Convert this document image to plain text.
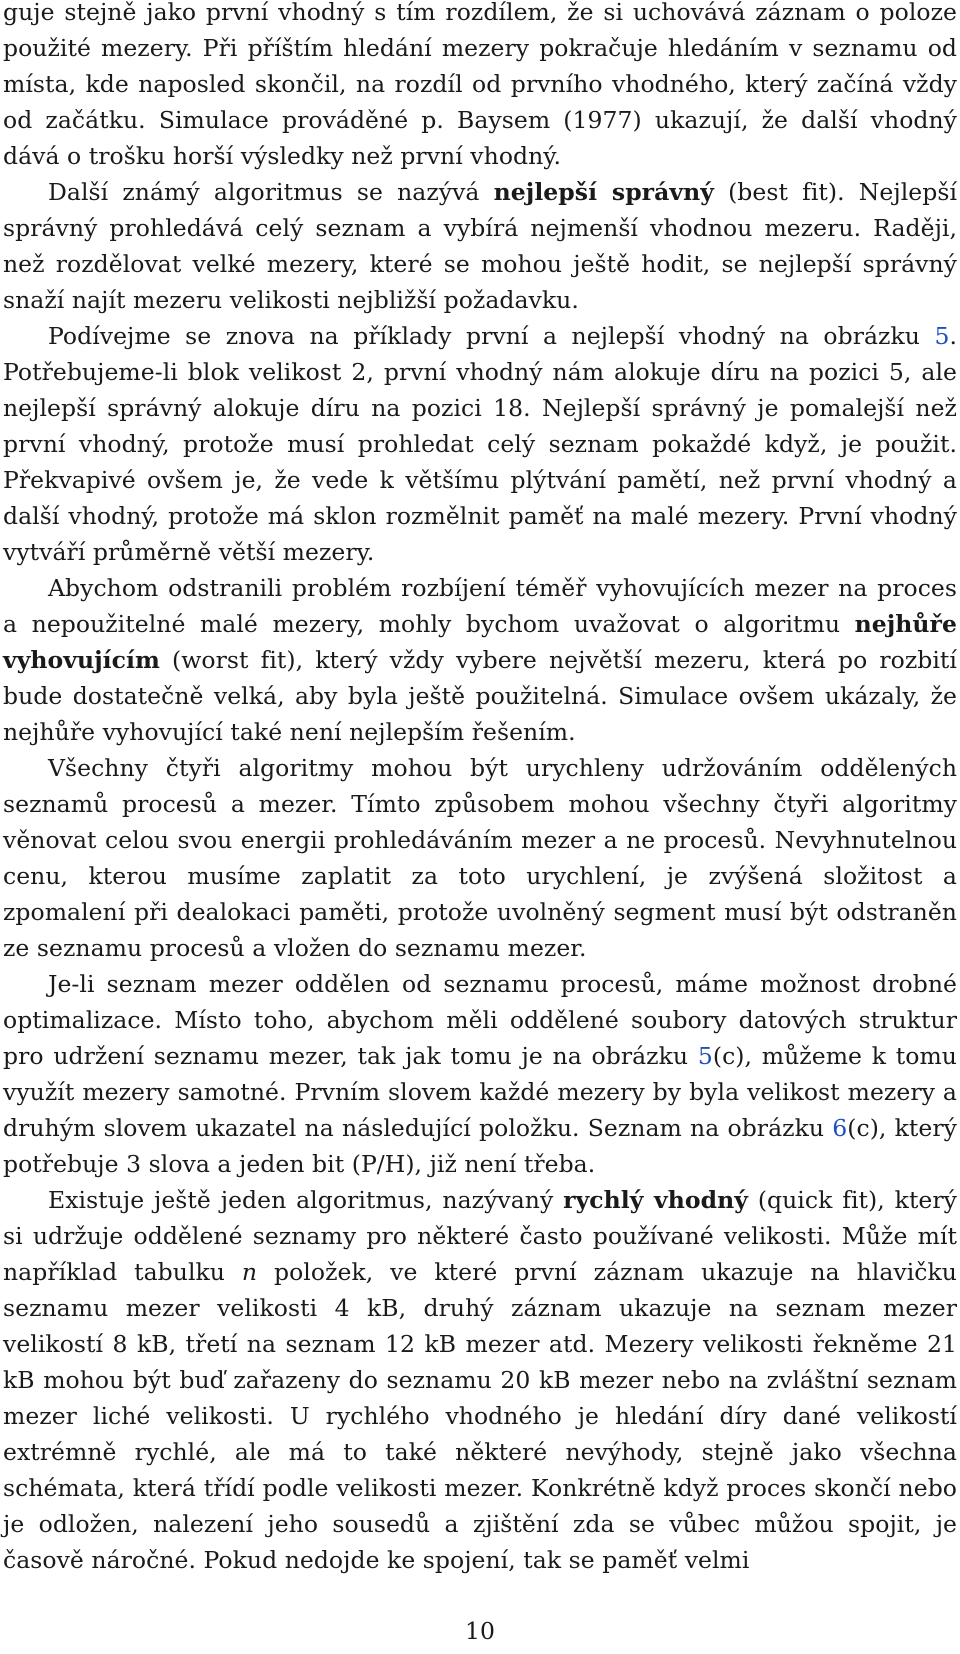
guje stejně jako první vhodný s tím rozdílem, že si uchovává záznam o poloze použité mezery. Při příštím hledání mezery pokračuje hledáním v seznamu od místa, kde naposled skončil, na rozdíl od prvního vhodného, který začíná vždy od začátku. Simulace prováděné p. Baysem (1977) ukazují, že další vhodný dává o trošku horší výsledky než první vhodný.

Další známý algoritmus se nazývá nejlepší správný (best fit). Nejlepší správný prohledává celý seznam a vybírá nejmenší vhodnou mezeru. Raději, než rozdělovat velké mezery, které se mohou ještě hodit, se nejlepší správný snaží najít mezeru velikosti nejbližší požadavku.

Podívejme se znova na příklady první a nejlepší vhodný na obrázku 5. Potřebujeme-li blok velikost 2, první vhodný nám alokuje díru na pozici 5, ale nejlepší správný alokuje díru na pozici 18. Nejlepší správný je pomalejší než první vhodný, protože musí prohledat celý seznam pokaždé když, je použit. Překvapivé ovšem je, že vede k většímu plýtvání pamětí, než první vhodný a další vhodný, protože má sklon rozmělnit paměť na malé mezery. První vhodný vytváří průměrně větší mezery.

Abychom odstranili problém rozbíjení téměř vyhovujících mezer na proces a nepoužitelné malé mezery, mohly bychom uvažovat o algoritmu nejhůře vyhovujícím (worst fit), který vždy vybere největší mezeru, která po rozbití bude dostatečně velká, aby byla ještě použitelná. Simulace ovšem ukázaly, že nejhůře vyhovující také není nejlepším řešením.

Všechny čtyři algoritmy mohou být urychleny udržováním oddělených seznamů procesů a mezer. Tímto způsobem mohou všechny čtyři algoritmy věnovat celou svou energii prohledáváním mezer a ne procesů. Nevyhnutelnou cenu, kterou musíme zaplatit za toto urychlení, je zvýšená složitost a zpomalení při dealokaci paměti, protože uvolněný segment musí být odstraněn ze seznamu procesů a vložen do seznamu mezer.

Je-li seznam mezer oddělen od seznamu procesů, máme možnost drobné optimalizace. Místo toho, abychom měli oddělené soubory datových struktur pro udržení seznamu mezer, tak jak tomu je na obrázku 5(c), můžeme k tomu využít mezery samotné. Prvním slovem každé mezery by byla velikost mezery a druhým slovem ukazatel na následující položku. Seznam na obrázku 6(c), který potřebuje 3 slova a jeden bit (P/H), již není třeba.

Existuje ještě jeden algoritmus, nazývaný rychlý vhodný (quick fit), který si udržuje oddělené seznamy pro některé často používané velikosti. Může mít například tabulku n položek, ve které první záznam ukazuje na hlavičku seznamu mezer velikosti 4 kB, druhý záznam ukazuje na seznam mezer velikostí 8 kB, třetí na seznam 12 kB mezer atd. Mezery velikosti řekněme 21 kB mohou být buď zařazeny do seznamu 20 kB mezer nebo na zvláštní seznam mezer liché velikosti. U rychlého vhodného je hledání díry dané velikostí extrémně rychlé, ale má to také některé nevýhody, stejně jako všechna schémata, která třídí podle velikosti mezer. Konkrétně když proces skončí nebo je odložen, nalezení jeho sousedů a zjištění zda se vůbec můžou spojit, je časově náročné. Pokud nedojde ke spojení, tak se paměť velmi

10
